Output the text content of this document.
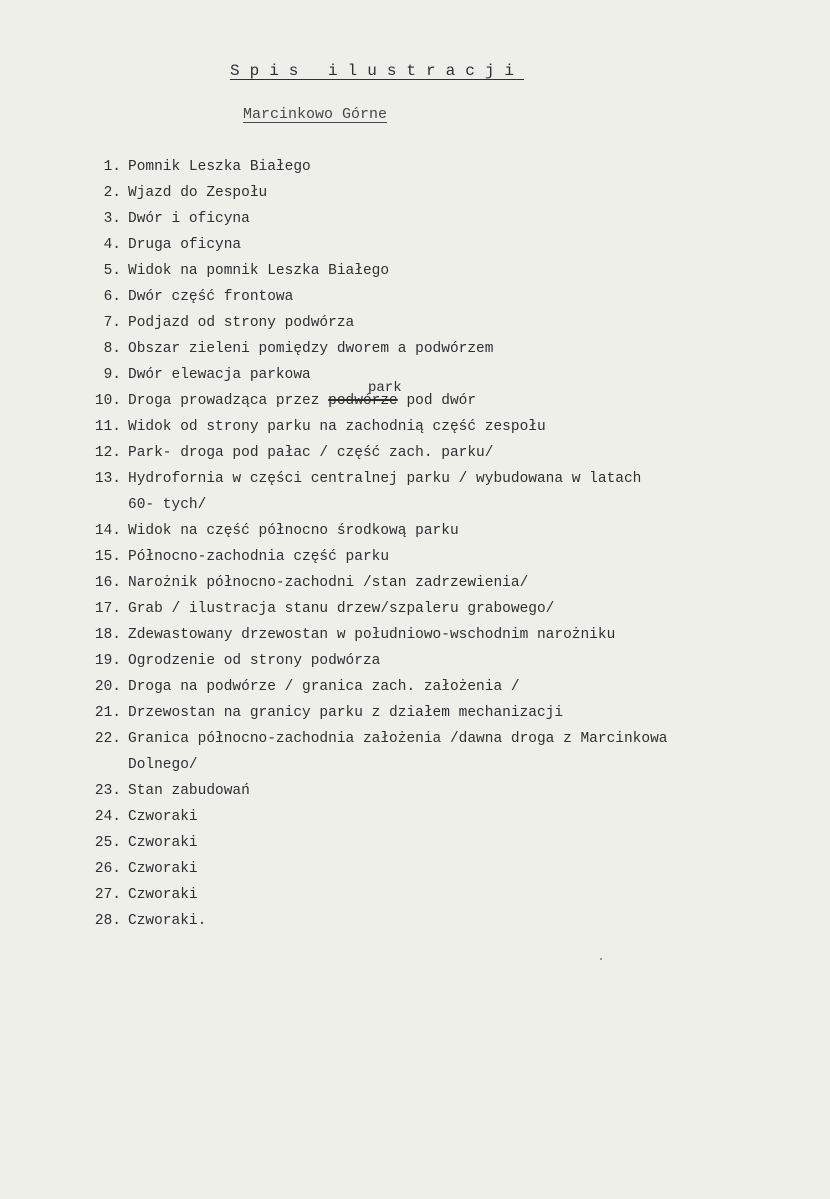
Spis ilustracji
Marcinkowo Górne
1. Pomnik Leszka Białego
2. Wjazd do Zespołu
3. Dwór i oficyna
4. Druga oficyna
5. Widok na pomnik Leszka Białego
6. Dwór część frontowa
7. Podjazd od strony podwórza
8. Obszar zieleni pomiędzy dworem a podwórzem
9. Dwór elewacja parkowa
park
10. Droga prowadząca przez podwórze pod dwór
11. Widok od strony parku na zachodnią część zespołu
12. Park- droga pod pałac / część zach. parku/
13. Hydrofornia w części centralnej parku / wybudowana w latach
60- tych/
14. Widok na część północno środkową parku
15. Północno-zachodnia część parku
16. Narożnik północno-zachodni /stan zadrzewienia/
17. Grab / ilustracja stanu drzew/szpaleru grabowego/
18. Zdewastowany drzewostan w południowo-wschodnim narożniku
19. Ogrodzenie od strony podwórza
20. Droga na podwórze / granica zach. założenia /
21. Drzewostan na granicy parku z działem mechanizacji
22. Granica północno-zachodnia założenia /dawna droga z Marcinkowa
Dolnego/
23. Stan zabudowań
24. Czworaki
25. Czworaki
26. Czworaki
27. Czworaki
28. Czworaki.
